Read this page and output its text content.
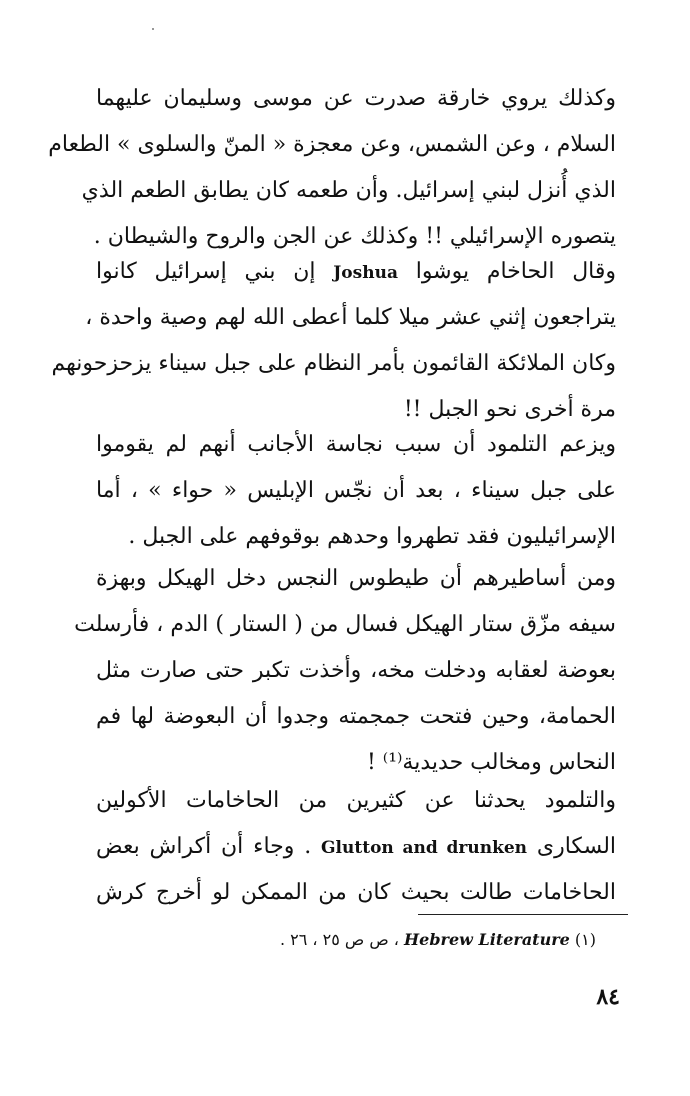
وكذلك يروي خارقة صدرت عن موسى وسليمان عليهما
السلام ، وعن الشمس، وعن معجزة « المنّ والسلوى » الطعام
الذي أُنزل لبني إسرائيل. وأن طعمه كان يطابق الطعم الذي
يتصوره الإسرائيلي !! وكذلك عن الجن والروح والشيطان .
وقال الحاخام يوشوا Joshua إن بني إسرائيل كانوا
يتراجعون إثني عشر ميلا كلما أعطى الله لهم وصية واحدة ،
وكان الملائكة القائمون بأمر النظام على جبل سيناء يزحزحونهم
مرة أخرى نحو الجبل !!
ويزعم التلمود أن سبب نجاسة الأجانب أنهم لم يقوموا
على جبل سيناء ، بعد أن نجّس الإبليس « حواء » ، أما
الإسرائيليون فقد تطهروا وحدهم بوقوفهم على الجبل .
ومن أساطيرهم أن طيطوس النجس دخل الهيكل وبهزة
سيفه مزّق ستار الهيكل فسال من ( الستار ) الدم ، فأرسلت
بعوضة لعقابه ودخلت مخه، وأخذت تكبر حتى صارت مثل
الحمامة، وحين فتحت جمجمته وجدوا أن البعوضة لها فم
النحاس ومخالب حديدية⁽¹⁾ !
والتلمود يحدثنا عن كثيرين من الحاخامات الأكولين
السكارى Glutton and drunken . وجاء أن أكراش بعض
الحاخامات طالت بحيث كان من الممكن لو أخرج كرش
(١) Hebrew Literature ، ص ص ٢٥ ، ٢٦ .
٨٤
